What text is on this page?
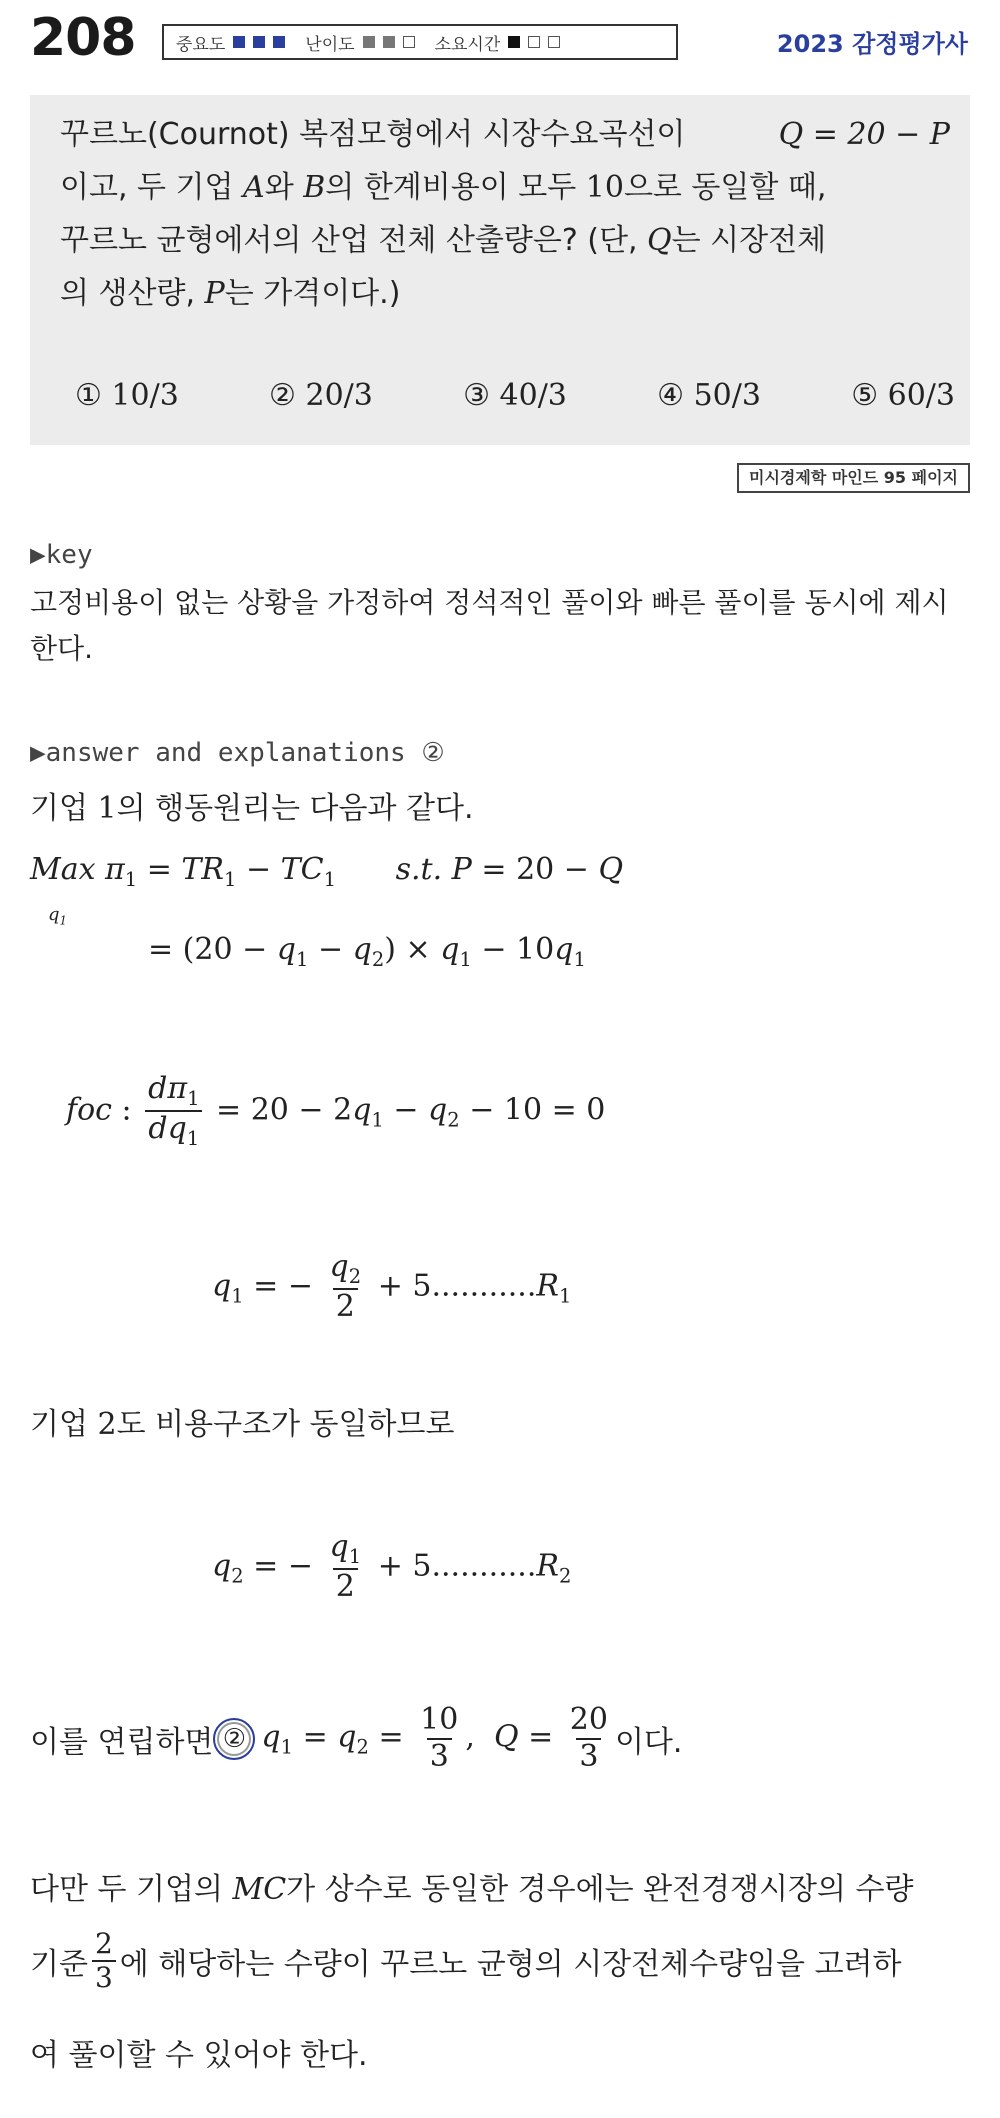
208 중요도	난이도	소요시간	2023 감정평가사

꾸르노(Cournot) 복점모형에서 시장수요곡선이	Q = 20 − P

이고, 두 기업 A와 B의 한계비용이 모두 10으로 동일할 때,

꾸르노 균형에서의 산업 전체 산출량은? (단, Q는 시장전체

의 생산량, P는 가격이다.)

① 10/3	② 20/3	③ 40/3	④ 50/3	⑤ 60/3
미시경제학 마인드 95 페이지
▶key
고정비용이 없는 상황을 가정하여 정석적인 풀이와 빠른 풀이를 동시에 제시한다.
▶answer and explanations ②
기업 1의 행동원리는 다음과 같다.
Max $\pi_1 = TR_1 - TC_1$ s.t. P = 20 − Q
$q_1$
= $(20 - q_1 - q_2) \times q_1 - 10q_1$
foc : $\frac{d\pi_1}{dq_1} = 20 - 2q_1 - q_2 - 10 = 0$
$q_1$ = − $\frac{q_2}{2} + 5...........R_1$
기업 2도 비용구조가 동일하므로
$q_2$ = − $\frac{q_1}{2} + 5...........R_2$
이를 연립하면 ② $q_1 = q_2 = \frac{10}{3}$ ,  $Q = \frac{20}{3}$ 이다.
다만 두 기업의 MC가 상수로 동일한 경우에는 완전경쟁시장의 수량
기준 $\frac{2}{3}$ 에 해당하는 수량이 꾸르노 균형의 시장전체수량임을 고려하
여 풀이할 수 있어야 한다.
